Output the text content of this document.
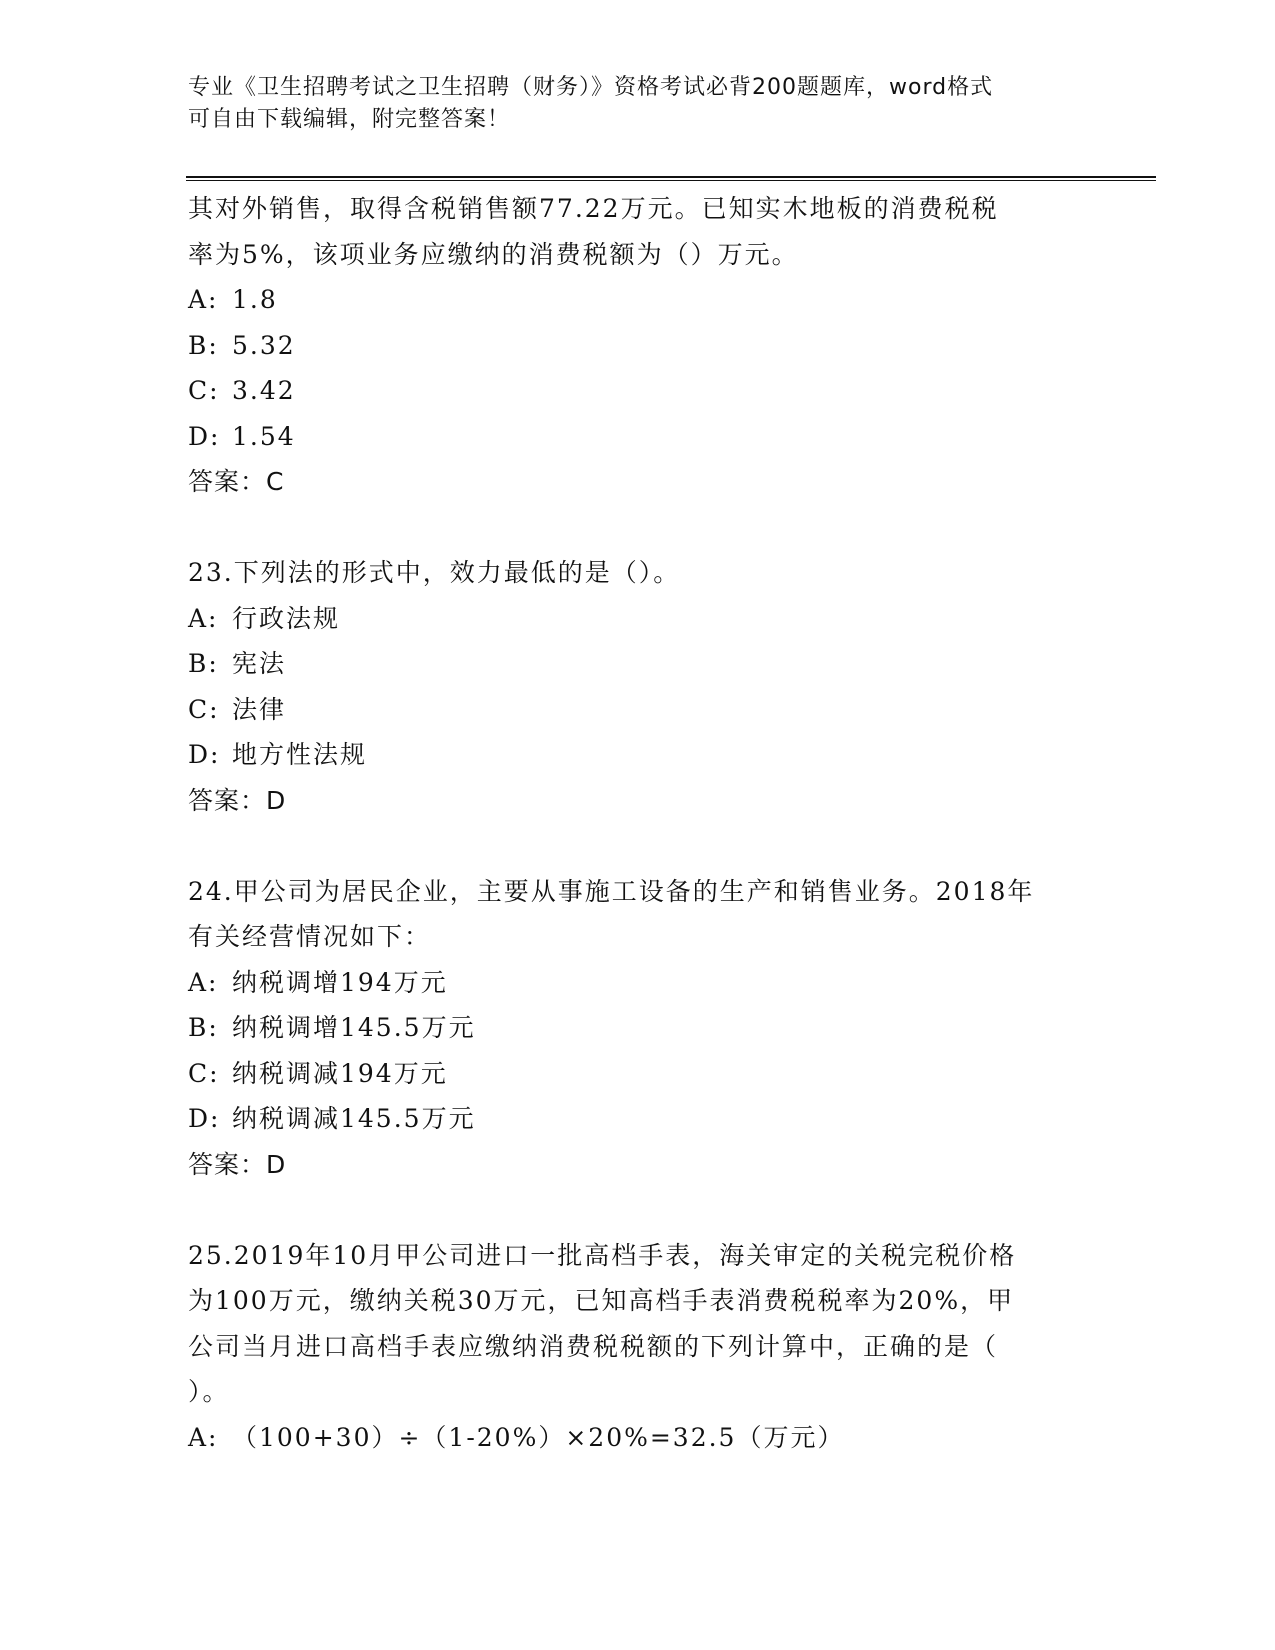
专业《卫生招聘考试之卫生招聘（财务）》资格考试必背200题题库，word格式
可自由下载编辑，附完整答案！

其对外销售，取得含税销售额77.22万元。已知实木地板的消费税税

率为5%，该项业务应缴纳的消费税额为（）万元。

A: 1.8

B: 5.32

C: 3.42

D: 1.54

答案：C

23.下列法的形式中，效力最低的是（）。

A: 行政法规

B: 宪法

C: 法律

D: 地方性法规

答案：D

24.甲公司为居民企业，主要从事施工设备的生产和销售业务。2018年

有关经营情况如下：

A: 纳税调增194万元

B: 纳税调增145.5万元

C: 纳税调减194万元

D: 纳税调减145.5万元

答案：D

25.2019年10月甲公司进口一批高档手表，海关审定的关税完税价格

为100万元，缴纳关税30万元，已知高档手表消费税税率为20%，甲

公司当月进口高档手表应缴纳消费税税额的下列计算中，正确的是（

）。

A: （100+30）÷（1-20%）×20%=32.5（万元）
